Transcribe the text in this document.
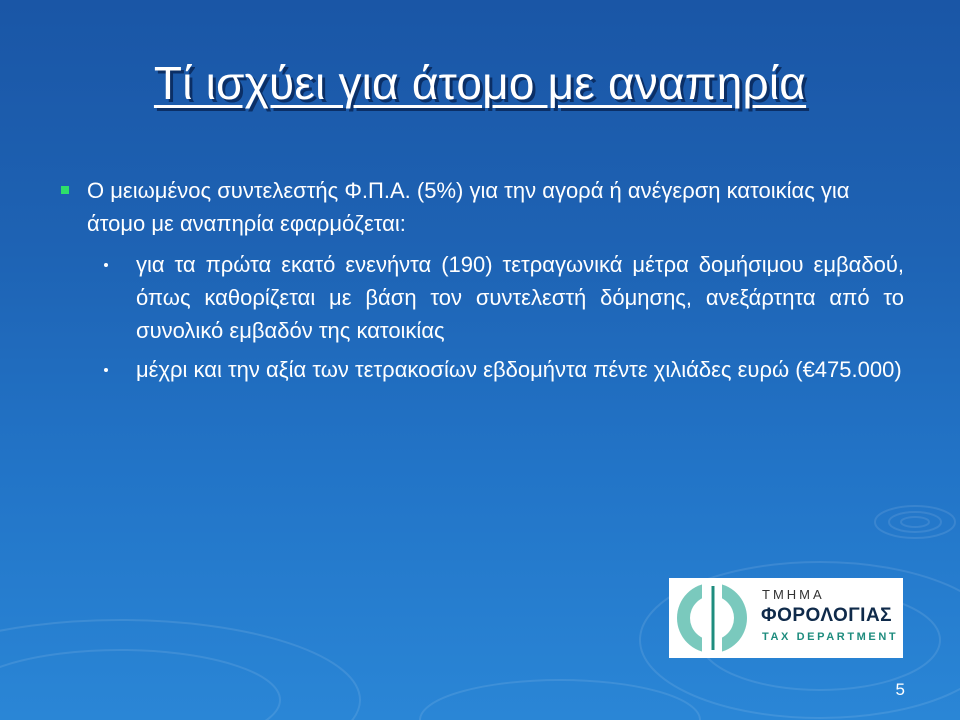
Τί ισχύει για άτομο με αναπηρία
Ο μειωμένος συντελεστής Φ.Π.Α. (5%) για την αγορά ή ανέγερση κατοικίας για άτομο με αναπηρία εφαρμόζεται:
για τα πρώτα εκατό ενενήντα (190) τετραγωνικά μέτρα δομήσιμου εμβαδού, όπως καθορίζεται με βάση τον συντελεστή δόμησης, ανεξάρτητα από το συνολικό εμβαδόν της κατοικίας
μέχρι και την αξία των τετρακοσίων εβδομήντα πέντε χιλιάδες ευρώ (€475.000)
ΤΜΗΜΑ
ΦΟΡΟΛΟΓΙΑΣ
TAX DEPARTMENT
5
